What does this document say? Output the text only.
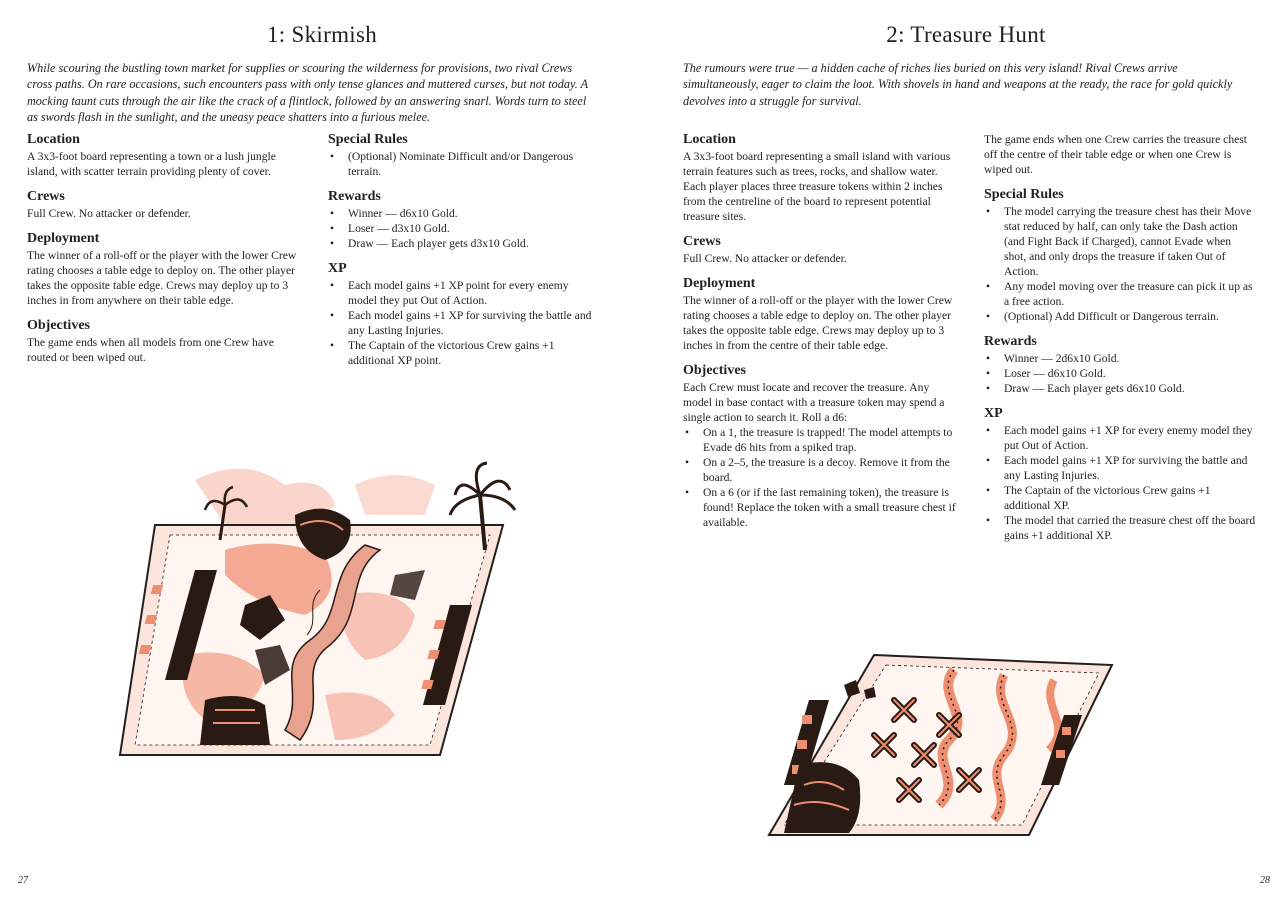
1: Skirmish

While scouring the bustling town market for supplies or scouring the wilderness for provisions, two rival Crews cross paths. On rare occasions, such encounters pass with only tense glances and muttered curses, but not today. A mocking taunt cuts through the air like the crack of a flintlock, followed by an answering snarl. Words turn to steel as swords flash in the sunlight, and the uneasy peace shatters into a furious melee.

Location

A 3x3-foot board representing a town or a lush jungle island, with scatter terrain providing plenty of cover.

Crews

Full Crew. No attacker or defender.

Deployment

The winner of a roll-off or the player with the lower Crew rating chooses a table edge to deploy on. The other player takes the opposite table edge. Crews may deploy up to 3 inches in from anywhere on their table edge.

Objectives

The game ends when all models from one Crew have routed or been wiped out.

Special Rules
• (Optional) Nominate Difficult and/or Dangerous terrain.
Rewards
• Winner — d6x10 Gold.
• Loser — d3x10 Gold.
• Draw — Each player gets d3x10 Gold.
XP
• Each model gains +1 XP point for every enemy model they put Out of Action.
• Each model gains +1 XP for surviving the battle and any Lasting Injuries.
• The Captain of the victorious Crew gains +1 additional XP point.
27
2: Treasure Hunt

The rumours were true — a hidden cache of riches lies buried on this very island! Rival Crews arrive simultaneously, eager to claim the loot. With shovels in hand and weapons at the ready, the race for gold quickly devolves into a struggle for survival.

Location

A 3x3-foot board representing a small island with various terrain features such as trees, rocks, and shallow water. Each player places three treasure tokens within 2 inches from the centreline of the board to represent potential treasure sites.

Crews

Full Crew. No attacker or defender.

Deployment

The winner of a roll-off or the player with the lower Crew rating chooses a table edge to deploy on. The other player takes the opposite table edge. Crews may deploy up to 3 inches in from the centre of their table edge.

Objectives

Each Crew must locate and recover the treasure. Any model in base contact with a treasure token may spend a single action to search it. Roll a d6:

• On a 1, the treasure is trapped! The model attempts to Evade d6 hits from a spiked trap.
• On a 2–5, the treasure is a decoy. Remove it from the board.
• On a 6 (or if the last remaining token), the treasure is found! Replace the token with a small treasure chest if available.

The game ends when one Crew carries the treasure chest off the centre of their table edge or when one Crew is wiped out.

Special Rules
• The model carrying the treasure chest has their Move stat reduced by half, can only take the Dash action (and Fight Back if Charged), cannot Evade when shot, and only drops the treasure if taken Out of Action.
• Any model moving over the treasure can pick it up as a free action.
• (Optional) Add Difficult or Dangerous terrain.
Rewards
• Winner — 2d6x10 Gold.
• Loser — d6x10 Gold.
• Draw — Each player gets d6x10 Gold.
XP
• Each model gains +1 XP for every enemy model they put Out of Action.
• Each model gains +1 XP for surviving the battle and any Lasting Injuries.
• The Captain of the victorious Crew gains +1 additional XP.
• The model that carried the treasure chest off the board gains +1 additional XP.
28
